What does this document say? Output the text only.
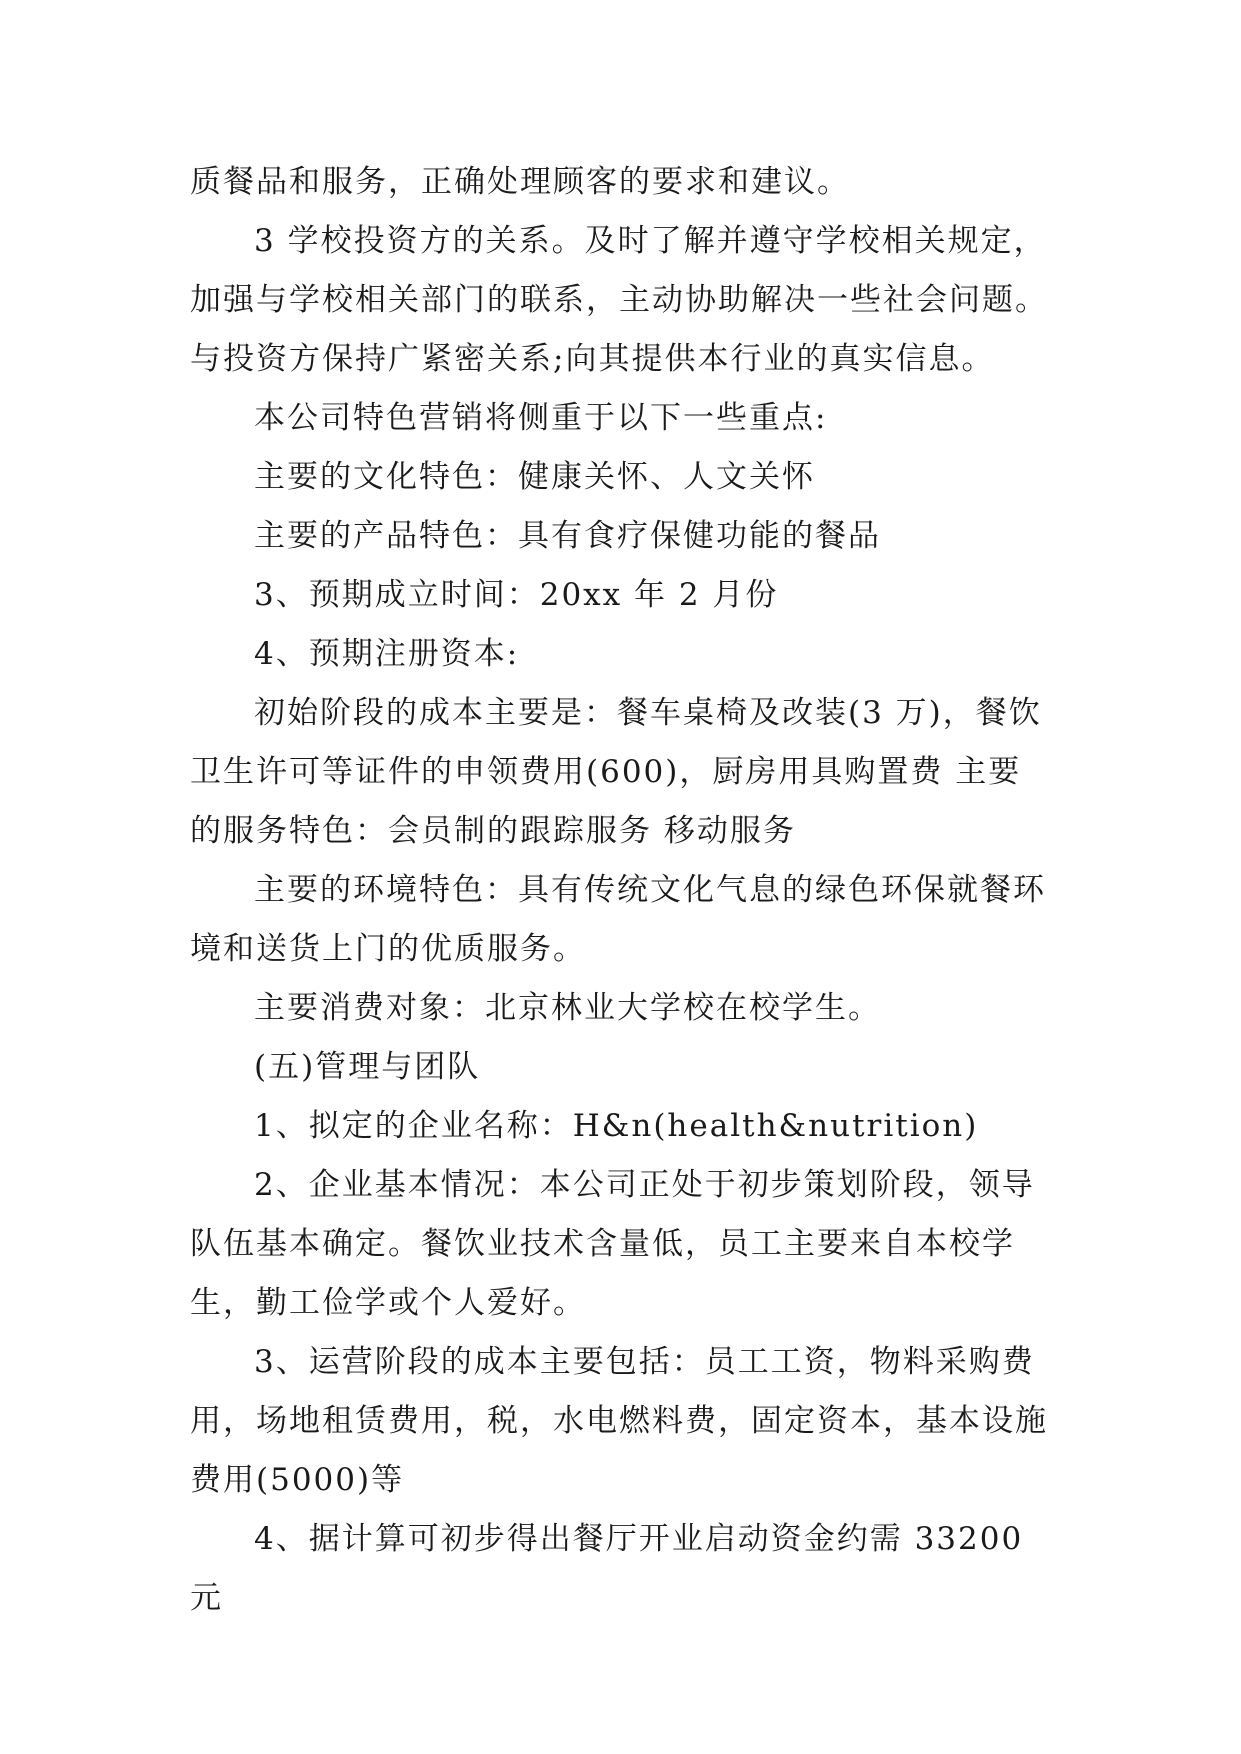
质餐品和服务，正确处理顾客的要求和建议。

3 学校投资方的关系。及时了解并遵守学校相关规定，加强与学校相关部门的联系，主动协助解决一些社会问题。与投资方保持广紧密关系;向其提供本行业的真实信息。

本公司特色营销将侧重于以下一些重点:

主要的文化特色：健康关怀、人文关怀

主要的产品特色：具有食疗保健功能的餐品

3、预期成立时间：20xx 年 2 月份

4、预期注册资本:

初始阶段的成本主要是：餐车桌椅及改装(3 万)，餐饮卫生许可等证件的申领费用(600)，厨房用具购置费 主要的服务特色：会员制的跟踪服务 移动服务

主要的环境特色：具有传统文化气息的绿色环保就餐环境和送货上门的优质服务。

主要消费对象：北京林业大学校在校学生。

(五)管理与团队

1、拟定的企业名称：H&n(health&nutrition)

2、企业基本情况：本公司正处于初步策划阶段，领导队伍基本确定。餐饮业技术含量低，员工主要来自本校学生，勤工俭学或个人爱好。

3、运营阶段的成本主要包括：员工工资，物料采购费用，场地租赁费用，税，水电燃料费，固定资本，基本设施费用(5000)等

4、据计算可初步得出餐厅开业启动资金约需 33200 元
